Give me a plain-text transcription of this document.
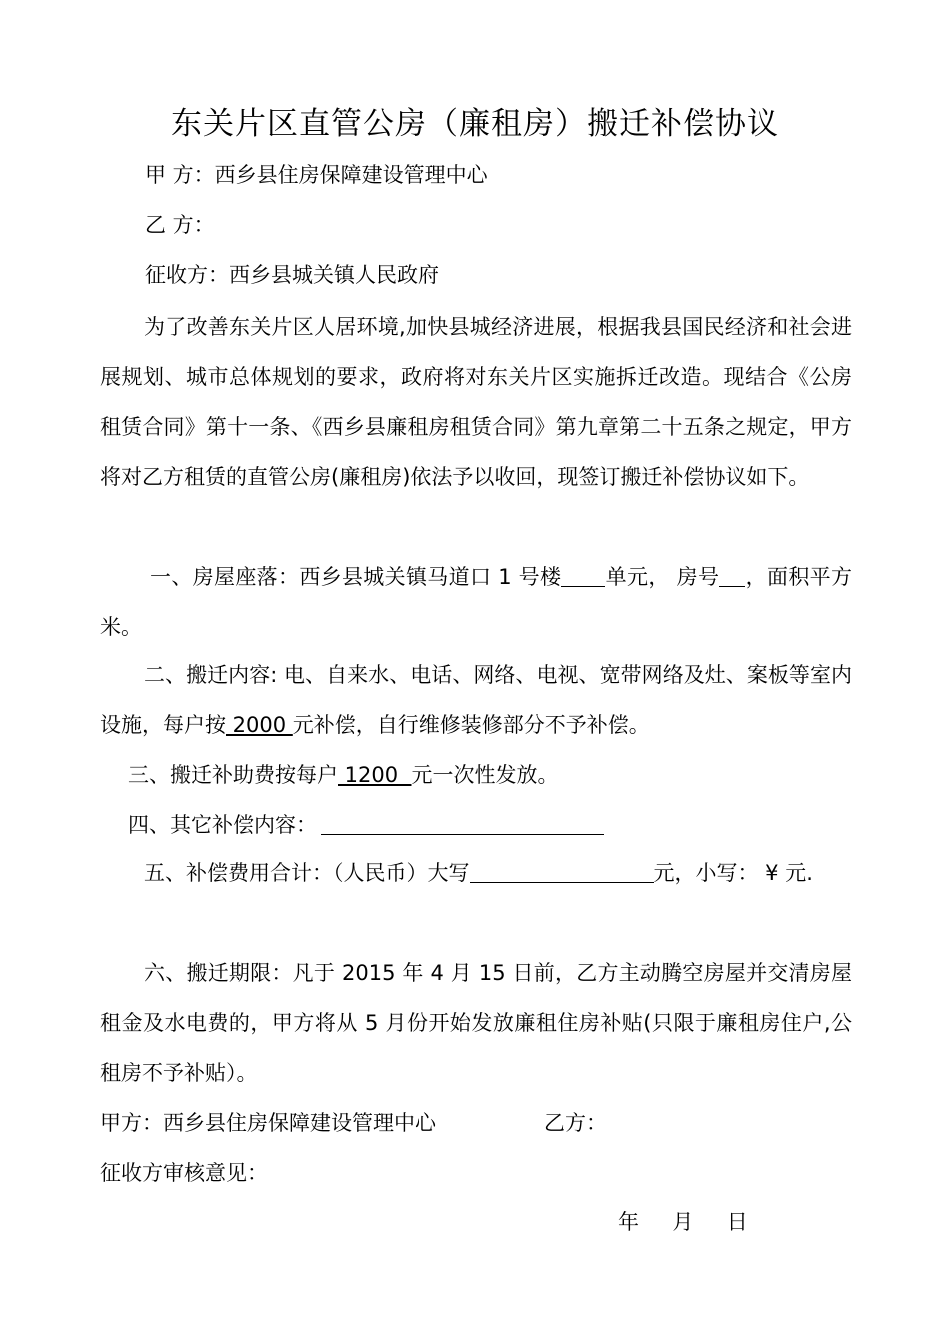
东关片区直管公房（廉租房）搬迁补偿协议
甲 方：西乡县住房保障建设管理中心
乙 方：
征收方：西乡县城关镇人民政府
为了改善东关片区人居环境,加快县城经济进展，根据我县国民经济和社会进展规划、城市总体规划的要求，政府将对东关片区实施拆迁改造。现结合《公房租赁合同》第十一条、《西乡县廉租房租赁合同》第九章第二十五条之规定，甲方将对乙方租赁的直管公房(廉租房)依法予以收回，现签订搬迁补偿协议如下。
一、房屋座落：西乡县城关镇马道口 1 号楼 单元， 房号 ，面积平方米。
二、搬迁内容: 电、自来水、电话、网络、电视、宽带网络及灶、案板等室内设施，每户按 2000 元补偿，自行维修装修部分不予补偿。
三、搬迁补助费按每户 1200  元一次性发放。
四、其它补偿内容：
五、补偿费用合计：（人民币）大写	元，小写： ¥ 元.
六、搬迁期限：凡于 2015 年 4 月 15 日前，乙方主动腾空房屋并交清房屋租金及水电费的，甲方将从 5 月份开始发放廉租住房补贴(只限于廉租房住户,公租房不予补贴）。
甲方：西乡县住房保障建设管理中心	乙方：
征收方审核意见：
年     月     日
